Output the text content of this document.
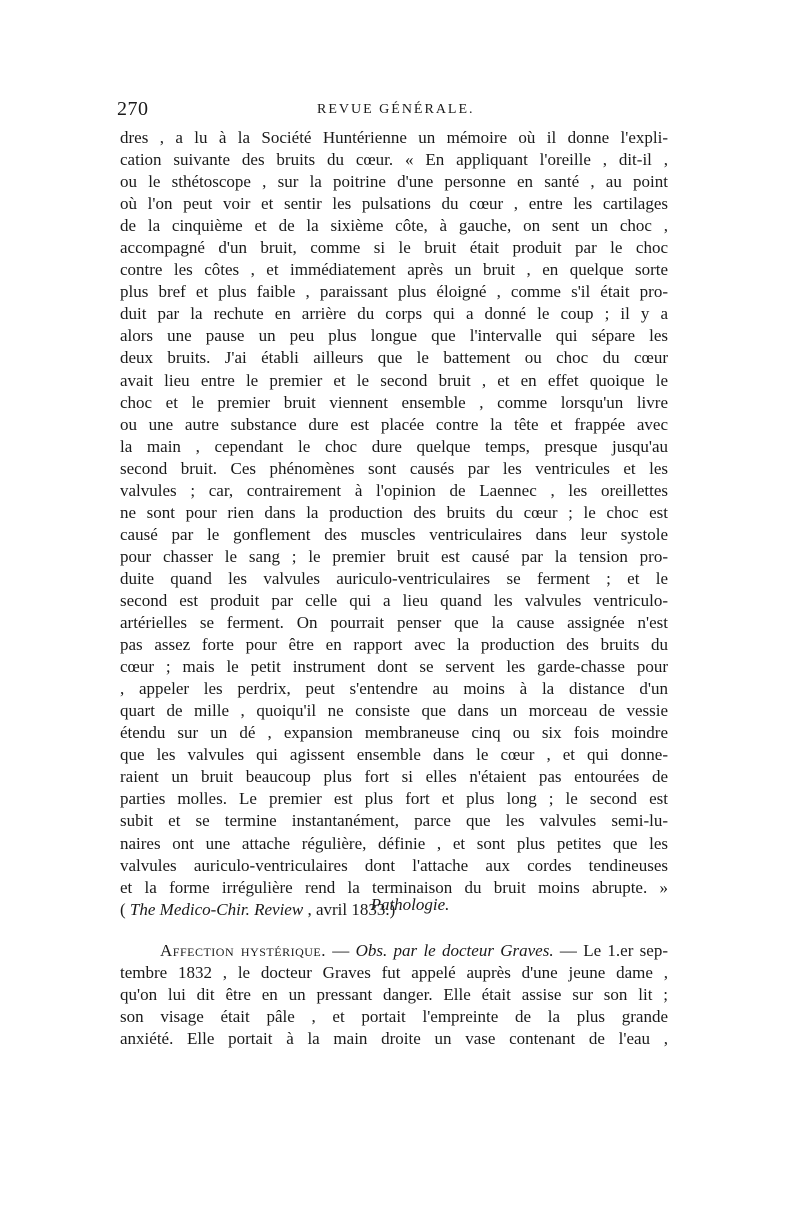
270	REVUE GÉNÉRALE.
dres , a lu à la Société Huntérienne un mémoire où il donne l'expli-
cation suivante des bruits du cœur. « En appliquant l'oreille , dit-il ,
ou le sthétoscope , sur la poitrine d'une personne en santé , au point
où l'on peut voir et sentir les pulsations du cœur , entre les cartilages
de la cinquième et de la sixième côte, à gauche, on sent un choc ,
accompagné d'un bruit, comme si le bruit était produit par le choc
contre les côtes , et immédiatement après un bruit , en quelque sorte
plus bref et plus faible , paraissant plus éloigné , comme s'il était pro-
duit par la rechute en arrière du corps qui a donné le coup ; il y a
alors une pause un peu plus longue que l'intervalle qui sépare les
deux bruits. J'ai établi ailleurs que le battement ou choc du cœur
avait lieu entre le premier et le second bruit , et en effet quoique le
choc et le premier bruit viennent ensemble , comme lorsqu'un livre
ou une autre substance dure est placée contre la tête et frappée avec
la main , cependant le choc dure quelque temps, presque jusqu'au
second bruit. Ces phénomènes sont causés par les ventricules et les
valvules ; car, contrairement à l'opinion de Laennec , les oreillettes
ne sont pour rien dans la production des bruits du cœur ; le choc est
causé par le gonflement des muscles ventriculaires dans leur systole
pour chasser le sang ; le premier bruit est causé par la tension pro-
duite quand les valvules auriculo-ventriculaires se ferment ; et le
second est produit par celle qui a lieu quand les valvules ventriculo-
artérielles se ferment. On pourrait penser que la cause assignée n'est
pas assez forte pour être en rapport avec la production des bruits du
cœur ; mais le petit instrument dont se servent les garde-chasse pour
, appeler les perdrix, peut s'entendre au moins à la distance d'un
quart de mille , quoiqu'il ne consiste que dans un morceau de vessie
étendu sur un dé , expansion membraneuse cinq ou six fois moindre
que les valvules qui agissent ensemble dans le cœur , et qui donne-
raient un bruit beaucoup plus fort si elles n'étaient pas entourées de
parties molles. Le premier est plus fort et plus long ; le second est
subit et se termine instantanément, parce que les valvules semi-lu-
naires ont une attache régulière, définie , et sont plus petites que les
valvules auriculo-ventriculaires dont l'attache aux cordes tendineuses
et la forme irrégulière rend la terminaison du bruit moins abrupte. »
( The Medico-Chir. Review , avril 1833.)
Pathologie.
Affection hystérique. — Obs. par le docteur Graves. — Le 1.er sep-
tembre 1832 , le docteur Graves fut appelé auprès d'une jeune dame ,
qu'on lui dit être en un pressant danger. Elle était assise sur son lit ;
son visage était pâle , et portait l'empreinte de la plus grande
anxiété. Elle portait à la main droite un vase contenant de l'eau ,
